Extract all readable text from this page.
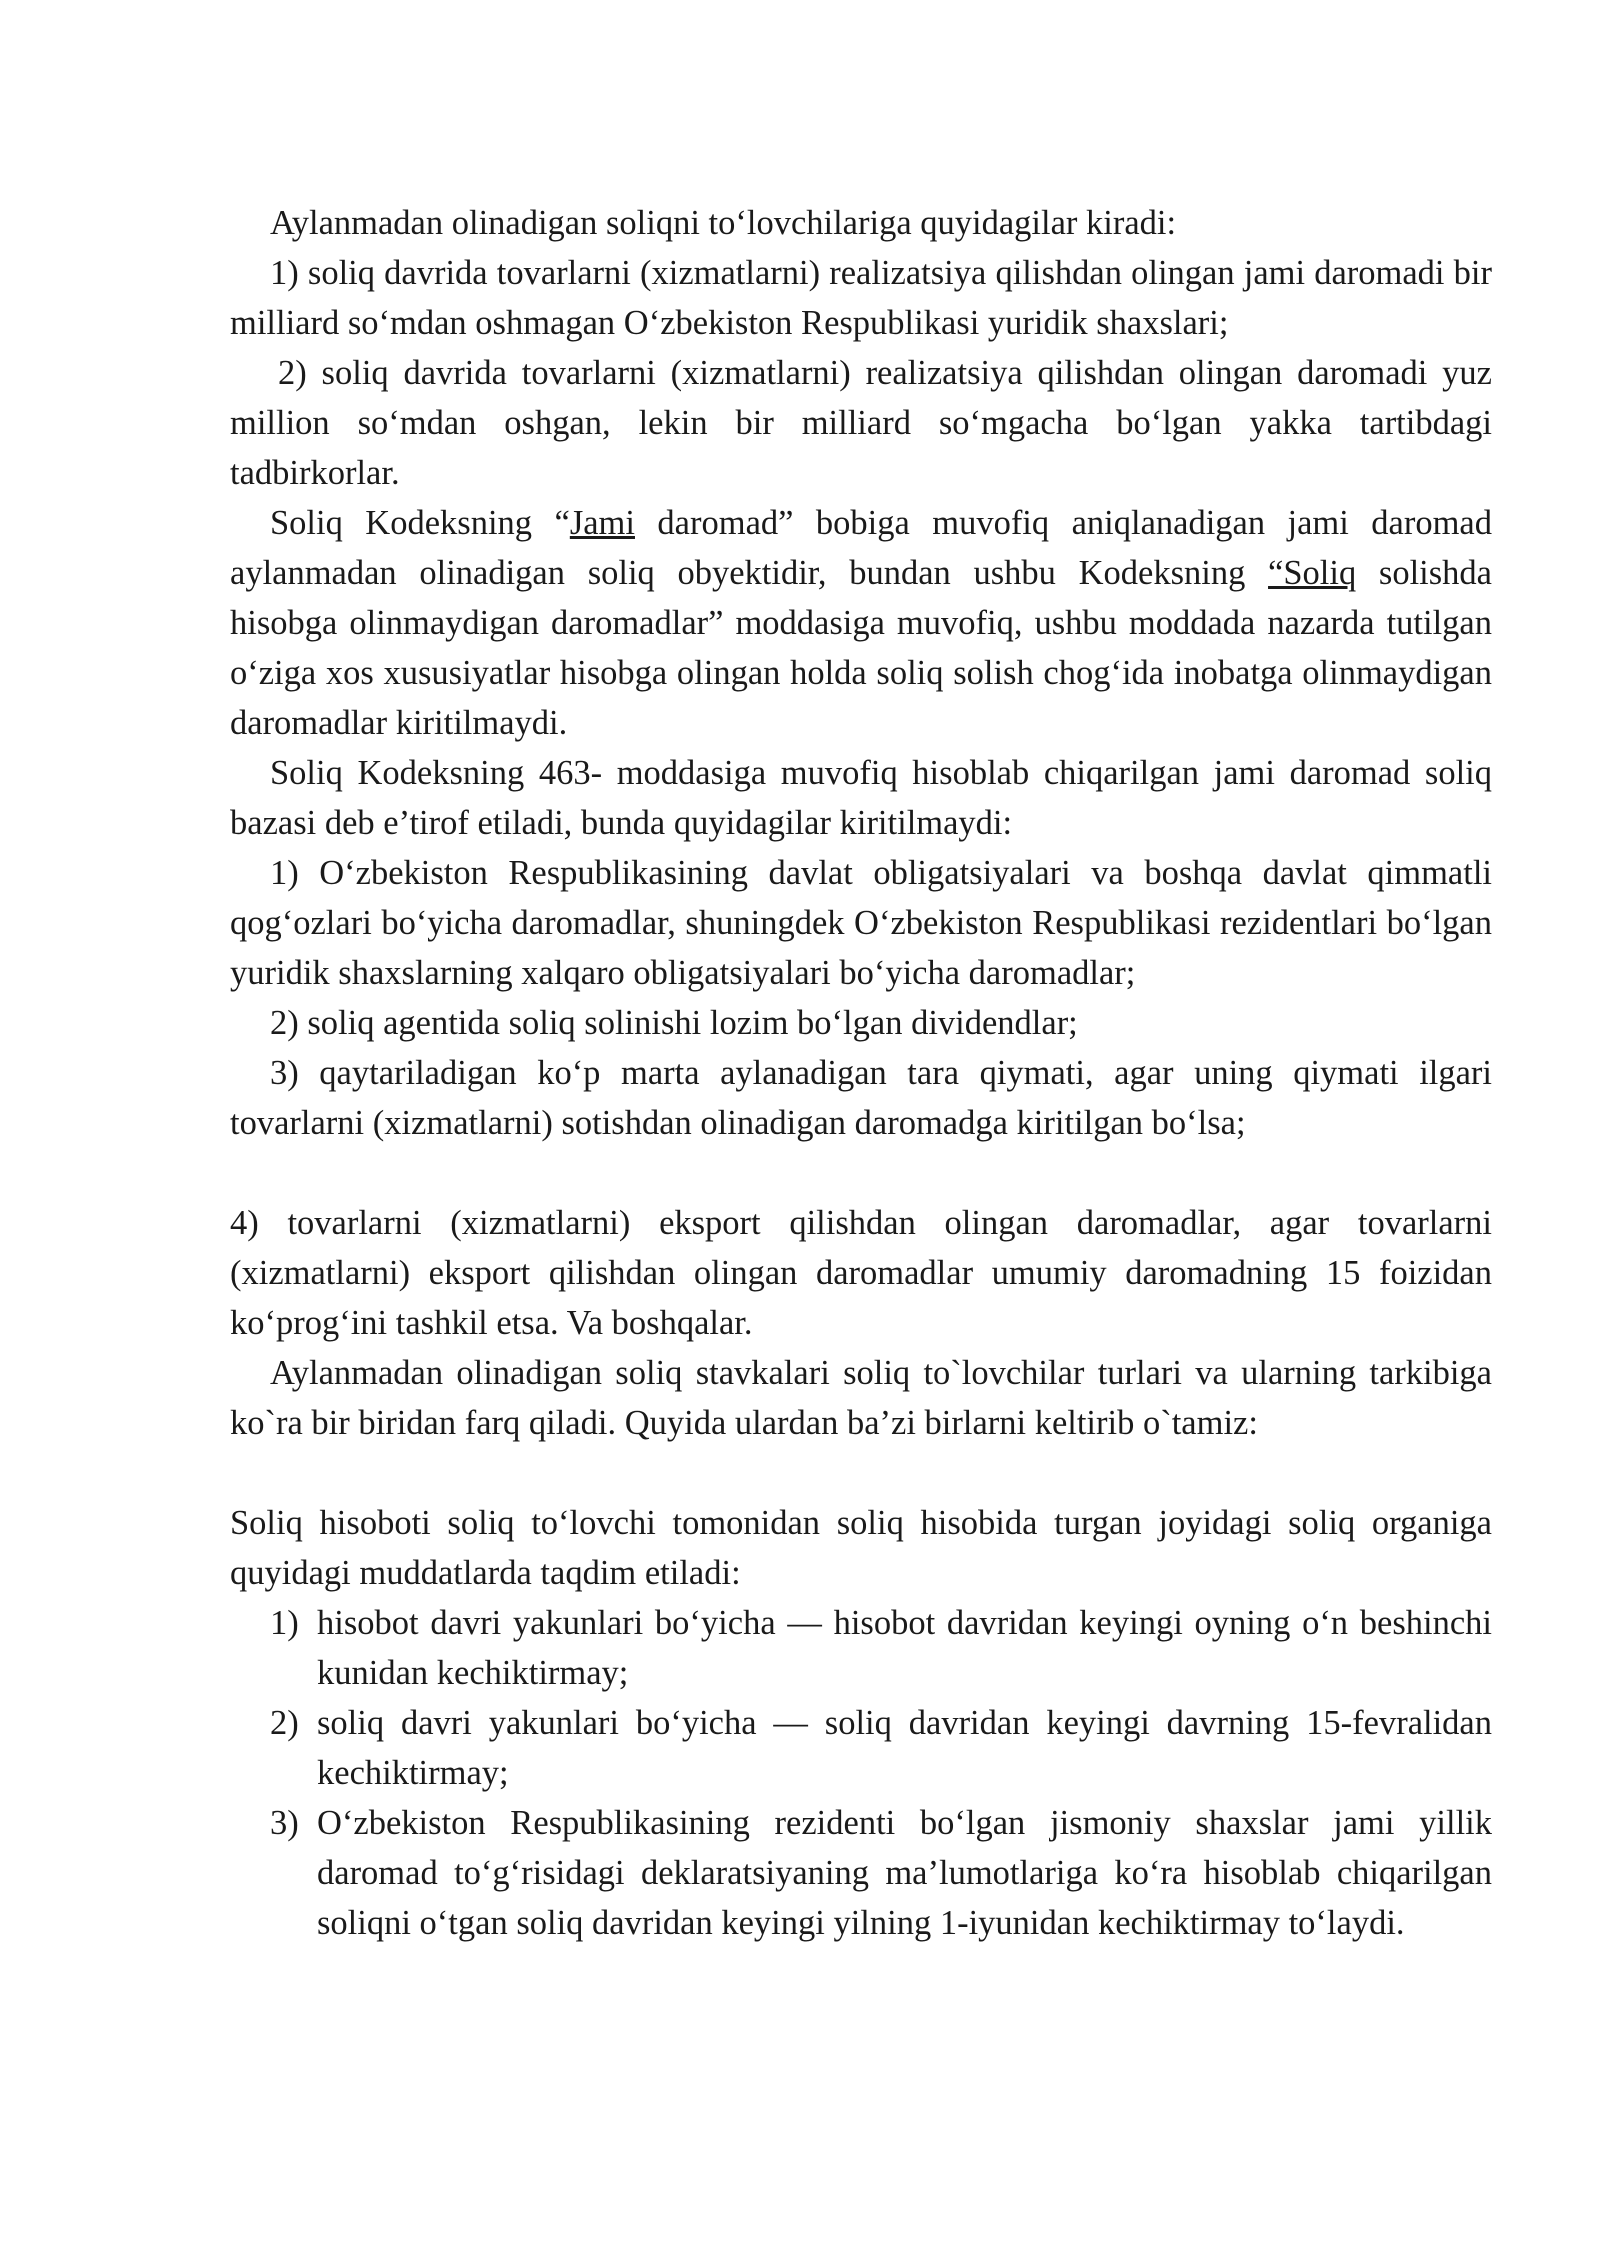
Aylanmadan olinadigan soliqni to‘lovchilariga quyidagilar kiradi:

1) soliq davrida tovarlarni (xizmatlarni) realizatsiya qilishdan olingan jami daromadi bir milliard so‘mdan oshmagan O‘zbekiston Respublikasi yuridik shaxslari;

2) soliq davrida tovarlarni (xizmatlarni) realizatsiya qilishdan olingan daromadi yuz million so‘mdan oshgan, lekin bir milliard so‘mgacha bo‘lgan yakka tartibdagi tadbirkorlar.

Soliq Kodeksning “Jami daromad” bobiga muvofiq aniqlanadigan jami daromad aylanmadan olinadigan soliq obyektidir, bundan ushbu Kodeksning “Soliq solishda hisobga olinmaydigan daromadlar” moddasiga muvofiq, ushbu moddada nazarda tutilgan o‘ziga xos xususiyatlar hisobga olingan holda soliq solish chog‘ida inobatga olinmaydigan daromadlar kiritilmaydi.

Soliq Kodeksning 463- moddasiga muvofiq hisoblab chiqarilgan jami daromad soliq bazasi deb e’tirof etiladi, bunda quyidagilar kiritilmaydi:

1) O‘zbekiston Respublikasining davlat obligatsiyalari va boshqa davlat qimmatli qog‘ozlari bo‘yicha daromadlar, shuningdek O‘zbekiston Respublikasi rezidentlari bo‘lgan yuridik shaxslarning xalqaro obligatsiyalari bo‘yicha daromadlar;

2) soliq agentida soliq solinishi lozim bo‘lgan dividendlar;

3) qaytariladigan ko‘p marta aylanadigan tara qiymati, agar uning qiymati ilgari tovarlarni (xizmatlarni) sotishdan olinadigan daromadga kiritilgan bo‘lsa;

4) tovarlarni (xizmatlarni) eksport qilishdan olingan daromadlar, agar tovarlarni (xizmatlarni) eksport qilishdan olingan daromadlar umumiy daromadning 15 foizidan ko‘prog‘ini tashkil etsa. Va boshqalar.

Aylanmadan olinadigan soliq stavkalari soliq to`lovchilar turlari va ularning tarkibiga ko`ra bir biridan farq qiladi. Quyida ulardan ba’zi birlarni keltirib o`tamiz:

Soliq hisoboti soliq to‘lovchi tomonidan soliq hisobida turgan joyidagi soliq organiga quyidagi muddatlarda taqdim etiladi:

1) hisobot davri yakunlari bo‘yicha — hisobot davridan keyingi oyning o‘n beshinchi kunidan kechiktirmay;
2) soliq davri yakunlari bo‘yicha — soliq davridan keyingi davrning 15-fevralidan kechiktirmay;
3) O‘zbekiston Respublikasining rezidenti bo‘lgan jismoniy shaxslar jami yillik daromad to‘g‘risidagi deklaratsiyaning ma’lumotlariga ko‘ra hisoblab chiqarilgan soliqni o‘tgan soliq davridan keyingi yilning 1-iyunidan kechiktirmay to‘laydi.
